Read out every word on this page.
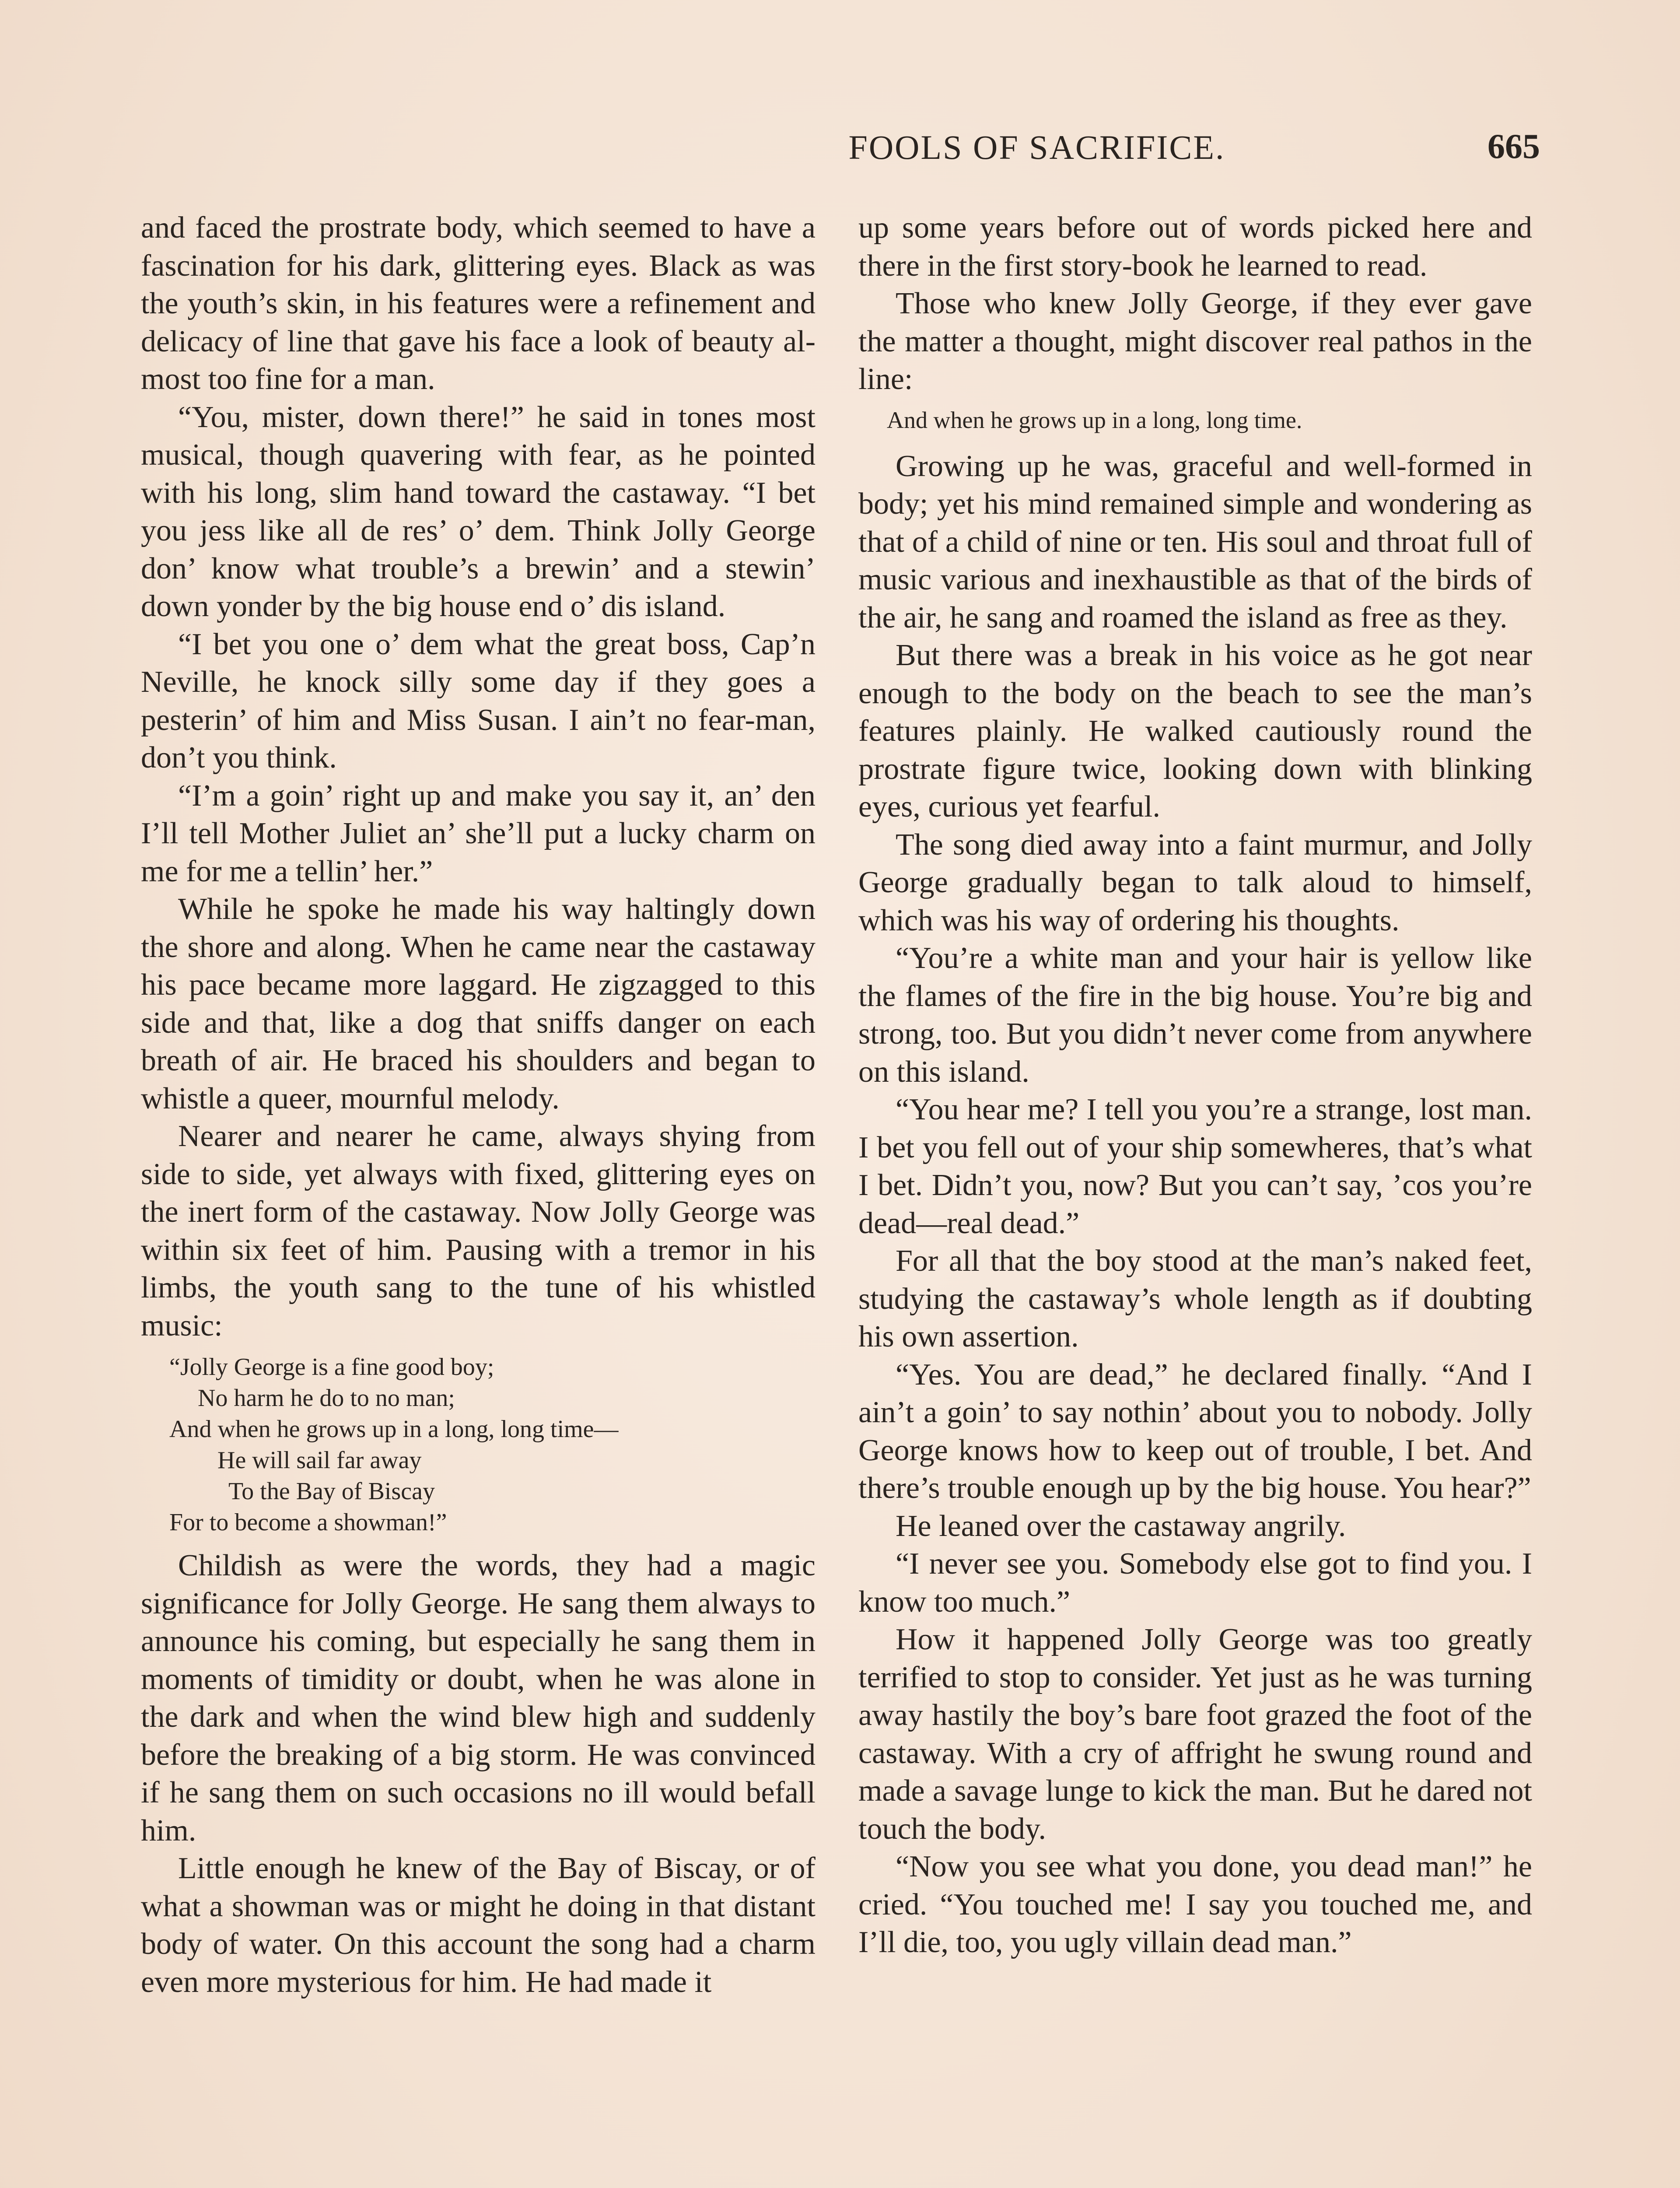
FOOLS OF SACRIFICE.	665

and faced the prostrate body, which seemed to have a fascination for his dark, glittering eyes. Black as was the youth’s skin, in his features were a refinement and delicacy of line that gave his face a look of beauty almost too fine for a man.

“You, mister, down there!” he said in tones most musical, though quavering with fear, as he pointed with his long, slim hand toward the castaway. “I bet you jess like all de res’ o’ dem. Think Jolly George don’ know what trouble’s a brewin’ and a stewin’ down yonder by the big house end o’ dis island.

“I bet you one o’ dem what the great boss, Cap’n Neville, he knock silly some day if they goes a pesterin’ of him and Miss Susan. I ain’t no fear-man, don’t you think.

“I’m a goin’ right up and make you say it, an’ den I’ll tell Mother Juliet an’ she’ll put a lucky charm on me for me a tellin’ her.”

While he spoke he made his way haltingly down the shore and along. When he came near the castaway his pace became more laggard. He zigzagged to this side and that, like a dog that sniffs danger on each breath of air. He braced his shoulders and began to whistle a queer, mournful melody.

Nearer and nearer he came, always shying from side to side, yet always with fixed, glittering eyes on the inert form of the castaway. Now Jolly George was within six feet of him. Pausing with a tremor in his limbs, the youth sang to the tune of his whistled music:

“Jolly George is a fine good boy;
No harm he do to no man;
And when he grows up in a long, long time—
He will sail far away
To the Bay of Biscay
For to become a showman!”

Childish as were the words, they had a magic significance for Jolly George. He sang them always to announce his coming, but especially he sang them in moments of timidity or doubt, when he was alone in the dark and when the wind blew high and suddenly before the breaking of a big storm. He was convinced if he sang them on such occasions no ill would befall him.

Little enough he knew of the Bay of Biscay, or of what a showman was or might he doing in that distant body of water. On this account the song had a charm even more mysterious for him. He had made it

up some years before out of words picked here and there in the first story-book he learned to read.

Those who knew Jolly George, if they ever gave the matter a thought, might discover real pathos in the line:

And when he grows up in a long, long time.

Growing up he was, graceful and well-formed in body; yet his mind remained simple and wondering as that of a child of nine or ten. His soul and throat full of music various and inexhaustible as that of the birds of the air, he sang and roamed the island as free as they.

But there was a break in his voice as he got near enough to the body on the beach to see the man’s features plainly. He walked cautiously round the prostrate figure twice, looking down with blinking eyes, curious yet fearful.

The song died away into a faint murmur, and Jolly George gradually began to talk aloud to himself, which was his way of ordering his thoughts.

“You’re a white man and your hair is yellow like the flames of the fire in the big house. You’re big and strong, too. But you didn’t never come from anywhere on this island.

“You hear me? I tell you you’re a strange, lost man. I bet you fell out of your ship somewheres, that’s what I bet. Didn’t you, now? But you can’t say, ’cos you’re dead—real dead.”

For all that the boy stood at the man’s naked feet, studying the castaway’s whole length as if doubting his own assertion.

“Yes. You are dead,” he declared finally. “And I ain’t a goin’ to say nothin’ about you to nobody. Jolly George knows how to keep out of trouble, I bet. And there’s trouble enough up by the big house. You hear?”

He leaned over the castaway angrily.

“I never see you. Somebody else got to find you. I know too much.”

How it happened Jolly George was too greatly terrified to stop to consider. Yet just as he was turning away hastily the boy’s bare foot grazed the foot of the castaway. With a cry of affright he swung round and made a savage lunge to kick the man. But he dared not touch the body.

“Now you see what you done, you dead man!” he cried. “You touched me! I say you touched me, and I’ll die, too, you ugly villain dead man.”
